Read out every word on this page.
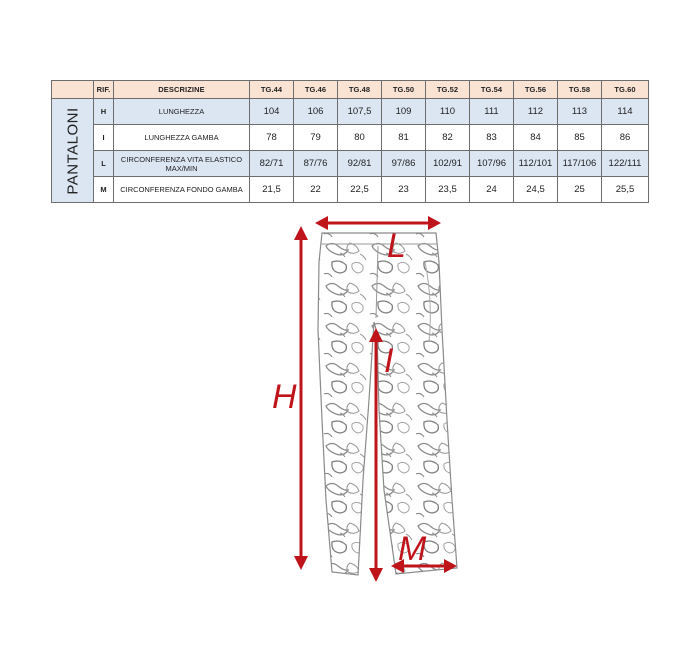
	RIF.	DESCRIZINE	TG.44	TG.46	TG.48	TG.50	TG.52	TG.54	TG.56	TG.58	TG.60

PANTALONI	H	LUNGHEZZA	104	106	107,5	109	110	111	112	113	114
	I	LUNGHEZZA GAMBA	78	79	80	81	82	83	84	85	86
	L	CIRCONFERENZA VITA ELASTICO MAX/MIN	82/71	87/76	92/81	97/86	102/91	107/96	112/101	117/106	122/111
	M	CIRCONFERENZA FONDO GAMBA	21,5	22	22,5	23	23,5	24	24,5	25	25,5
H
L
I
M
